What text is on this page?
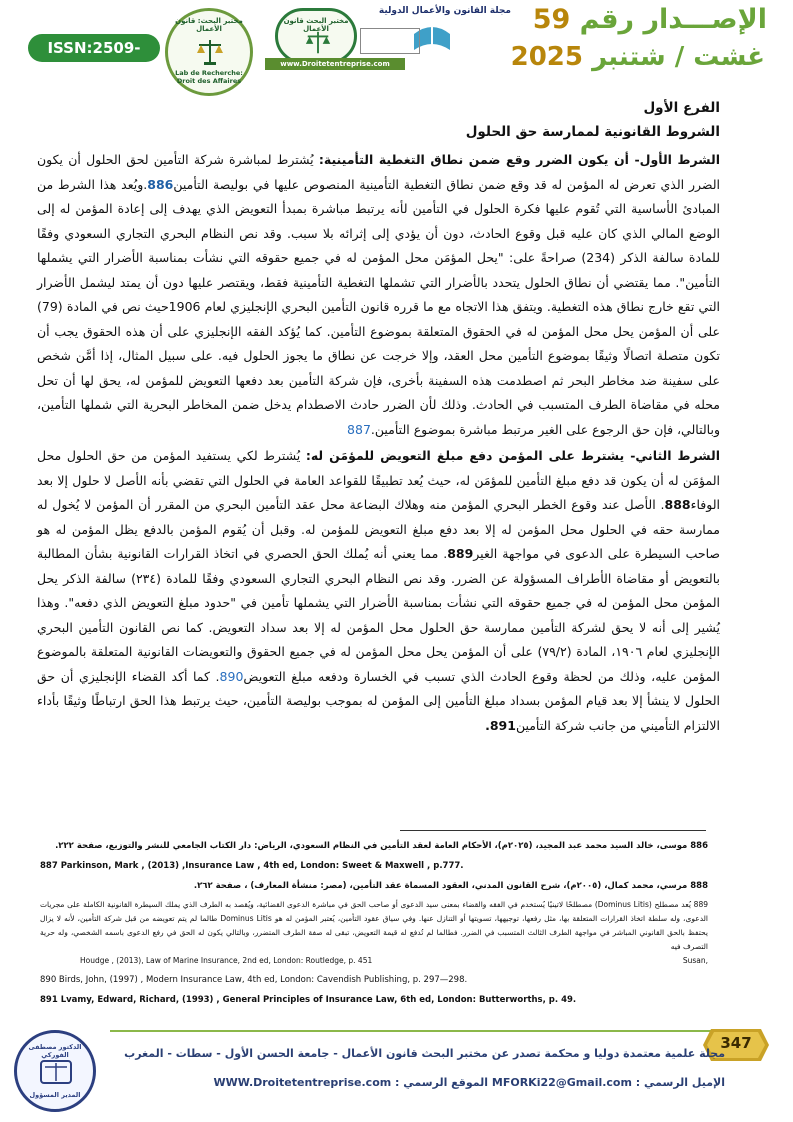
ISSN:2509-0291
مختبر البحث: قانون الأعمال
Lab de Recherche: Droit des Affaires
مختبر البحث قانون الأعمال
www.Droitetentreprise.com
مجلة القانون والأعمال الدولية	الإصـــدار رقم 59
غشت / شتنبر 2025

الفرع الأول

الشروط القانونية لممارسة حق الحلول

الشرط الأول- أن يكون الضرر وقع ضمن نطاق التغطية التأمينية: يُشترط لمباشرة شركة التأمين لحق الحلول أن يكون الضرر الذي تعرض له المؤمن له قد وقع ضمن نطاق التغطية التأمينية المنصوص عليها في بوليصة التأمين886.ويُعد هذا الشرط من المبادئ الأساسية التي تُقوم عليها فكرة الحلول في التأمين لأنه يرتبط مباشرة بمبدأ التعويض الذي يهدف إلى إعادة المؤمن له إلى الوضع المالي الذي كان عليه قبل وقوع الحادث، دون أن يؤدي إلى إثرائه بلا سبب. وقد نص النظام البحري التجاري السعودي وفقًا للمادة سالفة الذكر (234) صراحةً على: "يحل المؤمَن محل المؤمن له في جميع حقوقه التي نشأت بمناسبة الأضرار التي يشملها التأمين". مما يقتضي أن نطاق الحلول يتحدد بالأضرار التي تشملها التغطية التأمينية فقط، ويقتصر عليها دون أن يمتد ليشمل الأضرار التي تقع خارج نطاق هذه التغطية. ويتفق هذا الاتجاه مع ما قرره قانون التأمين البحري الإنجليزي لعام 1906حيث نص في المادة (79) على أن المؤمن يحل محل المؤمن له في الحقوق المتعلقة بموضوع التأمين. كما يُؤكد الفقه الإنجليزي على أن هذه الحقوق يجب أن تكون متصلة اتصالًا وثيقًا بموضوع التأمين محل العقد، وإلا خرجت عن نطاق ما يجوز الحلول فيه. على سبيل المثال، إذا أمَّن شخص على سفينة ضد مخاطر البحر ثم اصطدمت هذه السفينة بأخرى، فإن شركة التأمين بعد دفعها التعويض للمؤمن له، يحق لها أن تحل محله في مقاضاة الطرف المتسبب في الحادث. وذلك لأن الضرر حادث الاصطدام يدخل ضمن المخاطر البحرية التي شملها التأمين، وبالتالي، فإن حق الرجوع على الغير مرتبط مباشرة بموضوع التأمين.887

الشرط الثاني- يشترط على المؤمن دفع مبلغ التعويض للمؤمَن له: يُشترط لكي يستفيد المؤمن من حق الحلول محل المؤمَن له أن يكون قد دفع مبلغ التأمين للمؤمَن له، حيث يُعد تطبيقًا للقواعد العامة في الحلول التي تقضي بأنه الأصل لا حلول إلا بعد الوفاء888. الأصل عند وقوع الخطر البحري المؤمن منه وهلاك البضاعة محل عقد التأمين البحري من المقرر أن المؤمن لا يُخول له ممارسة حقه في الحلول محل المؤمن له إلا بعد دفع مبلغ التعويض للمؤمن له. وقبل أن يُقوم المؤمن بالدفع يظل المؤمن له هو صاحب السيطرة على الدعوى في مواجهة الغير889. مما يعني أنه يُملك الحق الحصري في اتخاذ القرارات القانونية بشأن المطالبة بالتعويض أو مقاضاة الأطراف المسؤولة عن الضرر. وقد نص النظام البحري التجاري السعودي وفقًا للمادة (٢٣٤) سالفة الذكر يحل المؤمن محل المؤمن له في جميع حقوقه التي نشأت بمناسبة الأضرار التي يشملها تأمين في "حدود مبلغ التعويض الذي دفعه". وهذا يُشير إلى أنه لا يحق لشركة التأمين ممارسة حق الحلول محل المؤمن له إلا بعد سداد التعويض. كما نص القانون التأمين البحري الإنجليزي لعام ١٩٠٦، المادة (٧٩/٢) على أن المؤمن يحل محل المؤمن له في جميع الحقوق والتعويضات القانونية المتعلقة بالموضوع المؤمن عليه، وذلك من لحظة وقوع الحادث الذي تسبب في الخسارة ودفعه مبلغ التعويض890. كما أكد القضاء الإنجليزي أن حق الحلول لا ينشأ إلا بعد قيام المؤمن بسداد مبلغ التأمين إلى المؤمن له بموجب بوليصة التأمين، حيث يرتبط هذا الحق ارتباطًا وثيقًا بأداء الالتزام التأميني من جانب شركة التأمين891.

886 موسى، خالد السيد محمد عبد المجيد، (٢٠٢٥م)، الأحكام العامة لعقد التأمين في النظام السعودي، الرياض: دار الكتاب الجامعي للنشر والتوزيع، صفحة ٢٢٢.

887 Parkinson, Mark , (2013) ,Insurance Law , 4th ed, London: Sweet & Maxwell , p.777.

888 مرسي، محمد كمال، (٢٠٠٥م)، شرح القانون المدني، العقود المسماة عقد التأمين، (مصر: منشأة المعارف) ، صفحة ٢٦٢.

889 يُعد مصطلح (Dominus Litis) مصطلحًا لاتينيًا يُستخدم في الفقه والقضاء بمعنى سيد الدعوى أو صاحب الحق في مباشرة الدعوى القضائية، ويُقصد به الطرف الذي يملك السيطرة القانونية الكاملة على مجريات الدعوى، وله سلطة اتخاذ القرارات المتعلقة بها، مثل رفعها، توجيهها، تسويتها أو التنازل عنها. وفي سياق عقود التأمين، يُعتبر المؤمن له هو Dominus Litis طالما لم يتم تعويضه من قبل شركة التأمين، لأنه لا يزال يحتفظ بالحق القانوني المباشر في مواجهة الطرف الثالث المتسبب في الضرر. فطالما لم تُدفع له قيمة التعويض، تبقى له صفة الطرف المتضرر، وبالتالي يكون له الحق في رفع الدعوى باسمه الشخصي، وله حرية التصرف فيه

Houdge , (2013), Law of Marine Insurance, 2nd ed, London: Routledge, p. 451	Susan,

890 Birds, John, (1997) , Modern Insurance Law, 4th ed, London: Cavendish Publishing, p. 297—298.

891 Lvamy, Edward, Richard, (1993) , General Principles of Insurance Law, 6th ed, London: Butterworths, p. 49.

347
مجلة علمية معتمدة دوليا و محكمة تصدر عن مختبر البحث قانون الأعمال - جامعة الحسن الأول - سطات - المغرب
الإميل الرسمي : MFORKi22@Gmail.com الموقع الرسمي : WWW.Droitetentreprise.com
الدكتور مصطفى الفوركي
المدير المسؤول
